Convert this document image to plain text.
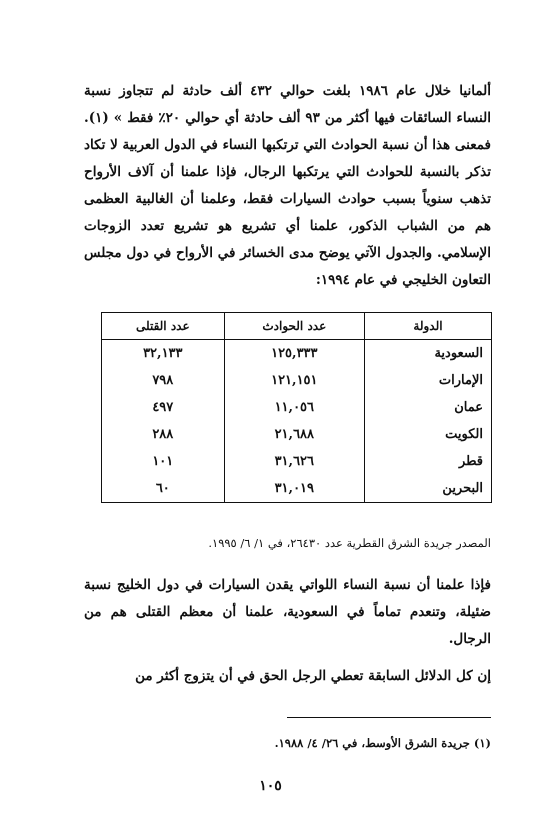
ألمانيا خلال عام ١٩٨٦ بلغت حوالي ٤٣٢ ألف حادثة لم تتجاوز نسبة النساء السائقات فيها أكثر من ٩٣ ألف حادثة أي حوالي ٢٠٪ فقط » (١). فمعنى هذا أن نسبة الحوادث التي ترتكبها النساء في الدول العربية لا تكاد تذكر بالنسبة للحوادث التي يرتكبها الرجال، فإذا علمنا أن آلاف الأرواح تذهب سنوياً بسبب حوادث السيارات فقط، وعلمنا أن الغالبية العظمى هم من الشباب الذكور، علمنا أي تشريع هو تشريع تعدد الزوجات الإسلامي. والجدول الآتي يوضح مدى الخسائر في الأرواح في دول مجلس التعاون الخليجي في عام ١٩٩٤:

الدولة	عدد الحوادث	عدد القتلى
السعودية	١٢٥,٣٣٣	٣٢,١٣٣
الإمارات	١٢١,١٥١	٧٩٨
عمان	١١,٠٥٦	٤٩٧
الكويت	٢١,٦٨٨	٢٨٨
قطر	٣١,٦٢٦	١٠١
البحرين	٣١,٠١٩	٦٠

المصدر جريدة الشرق القطرية عدد ٢٦٤٣٠، في ١/ ٦/ ١٩٩٥.

فإذا علمنا أن نسبة النساء اللواتي يقدن السيارات في دول الخليج نسبة ضئيلة، وتنعدم تماماً في السعودية، علمنا أن معظم القتلى هم من الرجال.

إن كل الدلائل السابقة تعطي الرجل الحق في أن يتزوج أكثر من

(١) جريدة الشرق الأوسط، في ٢٦/ ٤/ ١٩٨٨.

١٠٥
